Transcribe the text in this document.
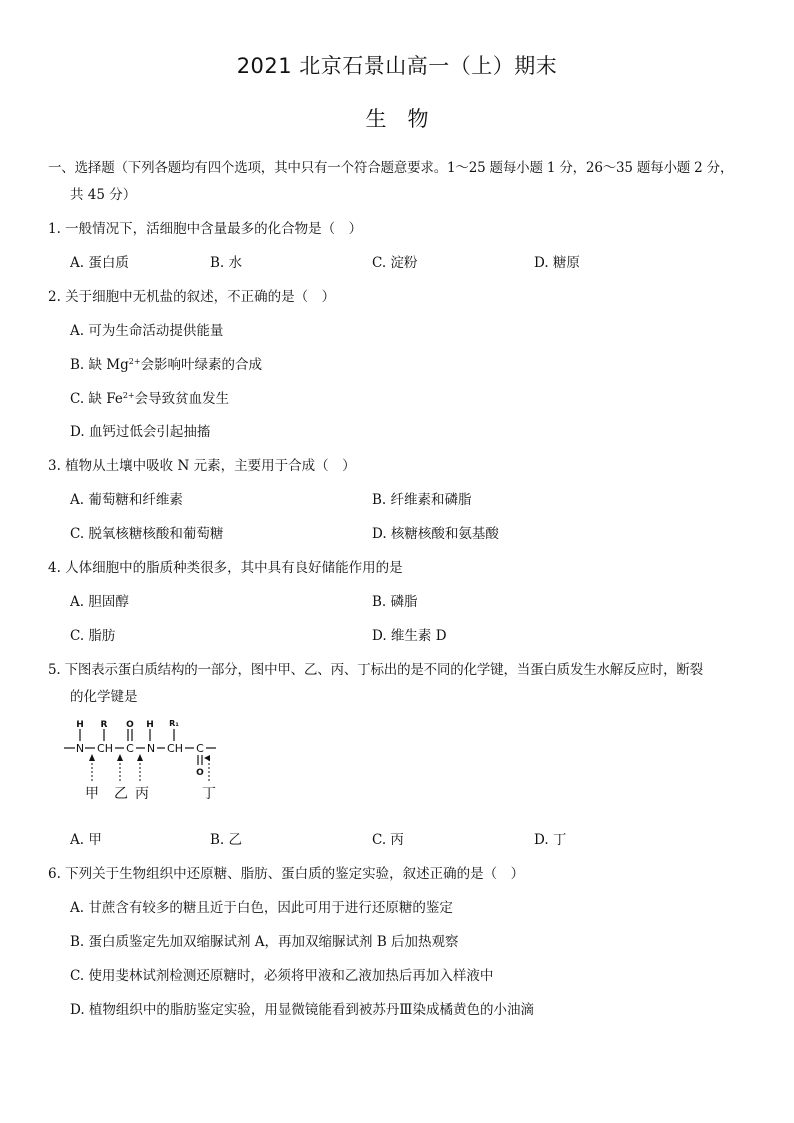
2021 北京石景山高一（上）期末
生　物
一、选择题（下列各题均有四个选项，其中只有一个符合题意要求。1～25 题每小题 1 分，26～35 题每小题 2 分，
共 45 分）
1. 一般情况下，活细胞中含量最多的化合物是（　）
A. 蛋白质	B. 水	C. 淀粉	D. 糖原
2. 关于细胞中无机盐的叙述，不正确的是（　）
A. 可为生命活动提供能量
B. 缺 $Mg^{2+}$会影响叶绿素的合成
C. 缺 $Fe^{2+}$会导致贫血发生
D. 血钙过低会引起抽搐
3. 植物从土壤中吸收 N 元素，主要用于合成（　）
A. 葡萄糖和纤维素	B. 纤维素和磷脂
C. 脱氧核糖核酸和葡萄糖	D. 核糖核酸和氨基酸
4. 人体细胞中的脂质种类很多，其中具有良好储能作用的是
A. 胆固醇	B. 磷脂
C. 脂肪	D. 维生素 D
5. 下图表示蛋白质结构的一部分，图中甲、乙、丙、丁标出的是不同的化学键，当蛋白质发生水解反应时，断裂
的化学键是
H R O H R₁
N CH C N CH C
O
甲 乙 丙	丁
A. 甲	B. 乙	C. 丙	D. 丁
6. 下列关于生物组织中还原糖、脂肪、蛋白质的鉴定实验，叙述正确的是（　）
A. 甘蔗含有较多的糖且近于白色，因此可用于进行还原糖的鉴定
B. 蛋白质鉴定先加双缩脲试剂 A，再加双缩脲试剂 B 后加热观察
C. 使用斐林试剂检测还原糖时，必须将甲液和乙液加热后再加入样液中
D. 植物组织中的脂肪鉴定实验，用显微镜能看到被苏丹Ⅲ染成橘黄色的小油滴
